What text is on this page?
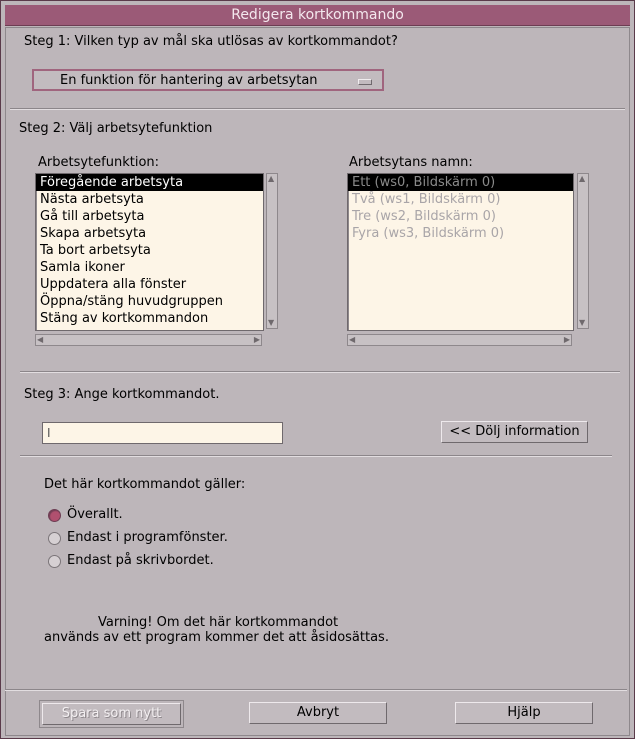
Redigera kortkommando
Steg 1: Vilken typ av mål ska utlösas av kortkommandot?
En funktion för hantering av arbetsytan
Steg 2: Välj arbetsytefunktion
Arbetsytefunktion:	Arbetsytans namn:
Föregående arbetsyta
Nästa arbetsyta
Gå till arbetsyta
Skapa arbetsyta
Ta bort arbetsyta
Samla ikoner
Uppdatera alla fönster
Öppna/stäng huvudgruppen
Stäng av kortkommandon
▲
▼
◀	▶
Ett (ws0, Bildskärm 0)
Två (ws1, Bildskärm 0)
Tre (ws2, Bildskärm 0)
Fyra (ws3, Bildskärm 0)
▲
▼
◀	▶
Steg 3: Ange kortkommandot.
I	<< Dölj information
Det här kortkommandot gäller:
Överallt.
Endast i programfönster.
Endast på skrivbordet.
Varning! Om det här kortkommandot
används av ett program kommer det att åsidosättas.
Spara som nytt	Avbryt	Hjälp
